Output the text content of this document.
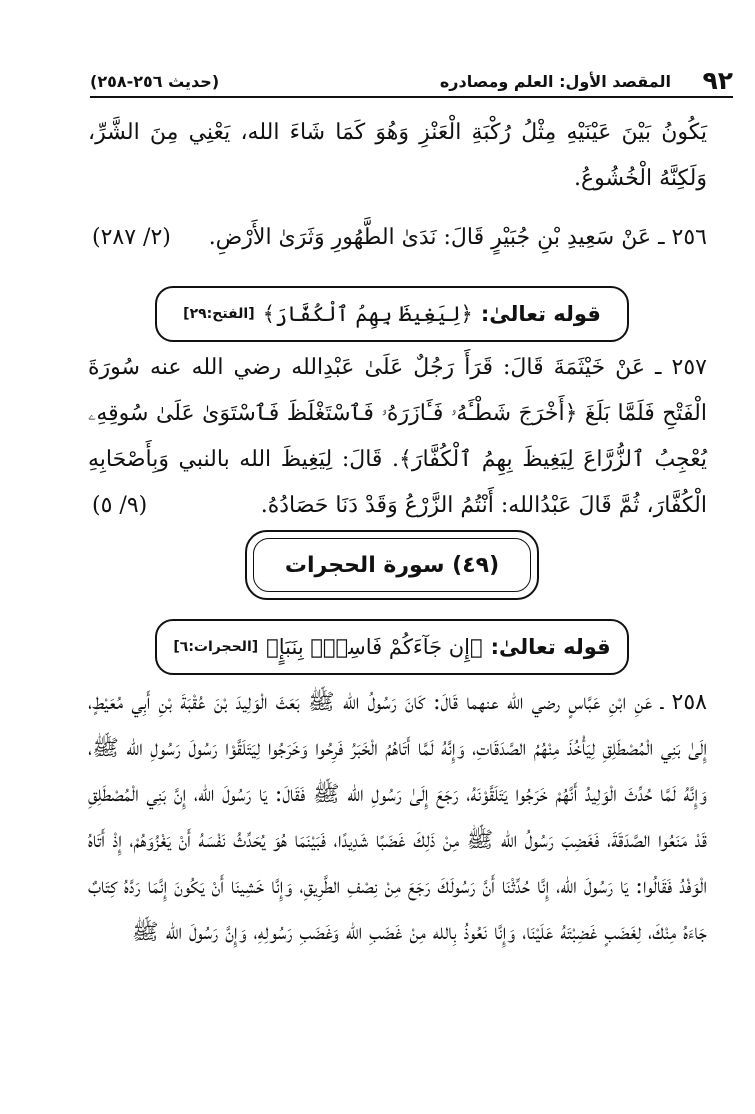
٩٢
المقصد الأول: العلم ومصادره
(حديث ٢٥٦-٢٥٨)

يَكُونُ بَيْنَ عَيْنَيْهِ مِثْلُ رُكْبَةِ الْعَنْزِ وَهُوَ كَمَا شَاءَ الله، يَعْنِي مِنَ الشَّرِّ، وَلَكِنَّهُ الْخُشُوعُ.

(٢/ ٢٨٧) ٢٥٦ ـ عَنْ سَعِيدِ بْنِ جُبَيْرٍ قَالَ: نَدَىٰ الطَّهُورِ وَثَرَىٰ الأَرْضِ.

قوله تعالىٰ:
﴿لِيَغِيظَ بِهِمُ ٱلْكُفَّارَ﴾
[الفتح:٢٩]

٢٥٧ ـ عَنْ خَيْثَمَةَ قَالَ: قَرَأَ رَجُلٌ عَلَىٰ عَبْدِالله رضي الله عنه سُورَةَ الْفَتْحِ فَلَمَّا بَلَغَ ﴿أَخْرَجَ شَطْـَٔهُۥ فَـَٔازَرَهُۥ فَٱسْتَغْلَظَ فَٱسْتَوَىٰ عَلَىٰ سُوقِهِۦ يُعْجِبُ ٱلزُّرَّاعَ لِيَغِيظَ بِهِمُ ٱلْكُفَّارَ﴾. قَالَ: لِيَغِيظَ الله بالنبي وَبِأَصْحَابِهِ الْكُفَّارَ، ثُمَّ قَالَ عَبْدُالله: أَنْتُمُ الزَّرْعُ وَقَدْ دَنَا حَصَادُهُ.
(٩/ ٥)

(٤٩) سورة الحجرات
قوله تعالىٰ:
﴿إِن جَآءَكُمْ فَاسِقُۢ بِنَبَإٍ﴾
[الحجرات:٦]

٢٥٨ ـ عَنِ ابْنِ عَبَّاسٍ رضي الله عنهما قَالَ: كَانَ رَسُولُ الله ﷺ بَعَثَ الْوَلِيدَ بْنَ عُقْبَةَ بْنِ أَبِي مُعَيْطٍ، إِلَىٰ بَنِي الْمُصْطَلِقِ لِيَأْخُذَ مِنْهُمُ الصَّدَقَاتِ، وَإِنَّهُ لَمَّا أَتَاهُمُ الْخَبَرُ فَرِحُوا وَخَرَجُوا لِيَتَلَقَّوْا رَسُولَ رَسُولِ الله ﷺ، وَإِنَّهُ لَمَّا حُدِّثَ الْوَلِيدُ أَنَّهُمْ خَرَجُوا يَتَلَقَّوْنَهُ، رَجَعَ إِلَىٰ رَسُولِ الله ﷺ فَقَالَ: يَا رَسُولَ الله، إِنَّ بَنِي الْمُصْطَلِقِ قَدْ مَنَعُوا الصَّدَقَةَ، فَغَضِبَ رَسُولُ الله ﷺ مِنْ ذَلِكَ غَضَبًا شَدِيدًا، فَبَيْنَمَا هُوَ يُحَدِّثُ نَفْسَهُ أَنْ يَغْزُوَهُمْ، إِذْ أَتَاهُ الْوَفْدُ فَقَالُوا: يَا رَسُولَ الله، إِنَّا حُدِّثْنَا أَنَّ رَسُولَكَ رَجَعَ مِنْ نِصْفِ الطَّرِيقِ، وَإِنَّا خَشِينَا أَنْ يَكُونَ إِنَّمَا رَدَّهُ كِتَابٌ جَاءَهُ مِنْكَ، لِغَضَبٍ غَضِبْتَهُ عَلَيْنَا، وَإِنَّا نَعُوذُ بِالله مِنْ غَضَبِ الله وَغَضَبِ رَسُولِهِ، وَإِنَّ رَسُولَ الله ﷺ
